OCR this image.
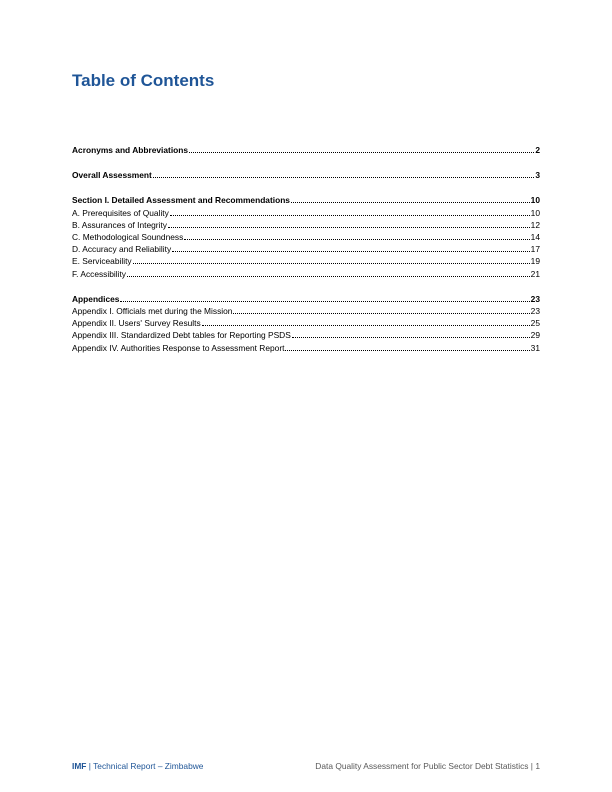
Table of Contents
Acronyms and Abbreviations	2
Overall Assessment	3
Section I. Detailed Assessment and Recommendations	10
A. Prerequisites of Quality	10
B. Assurances of Integrity	12
C. Methodological Soundness	14
D. Accuracy and Reliability	17
E. Serviceability	19
F. Accessibility	21
Appendices	23
Appendix I. Officials met during the Mission	23
Appendix II. Users' Survey Results	25
Appendix III. Standardized Debt tables for Reporting PSDS	29
Appendix IV. Authorities Response to Assessment Report	31
IMF | Technical Report – Zimbabwe	Data Quality Assessment for Public Sector Debt Statistics | 1
